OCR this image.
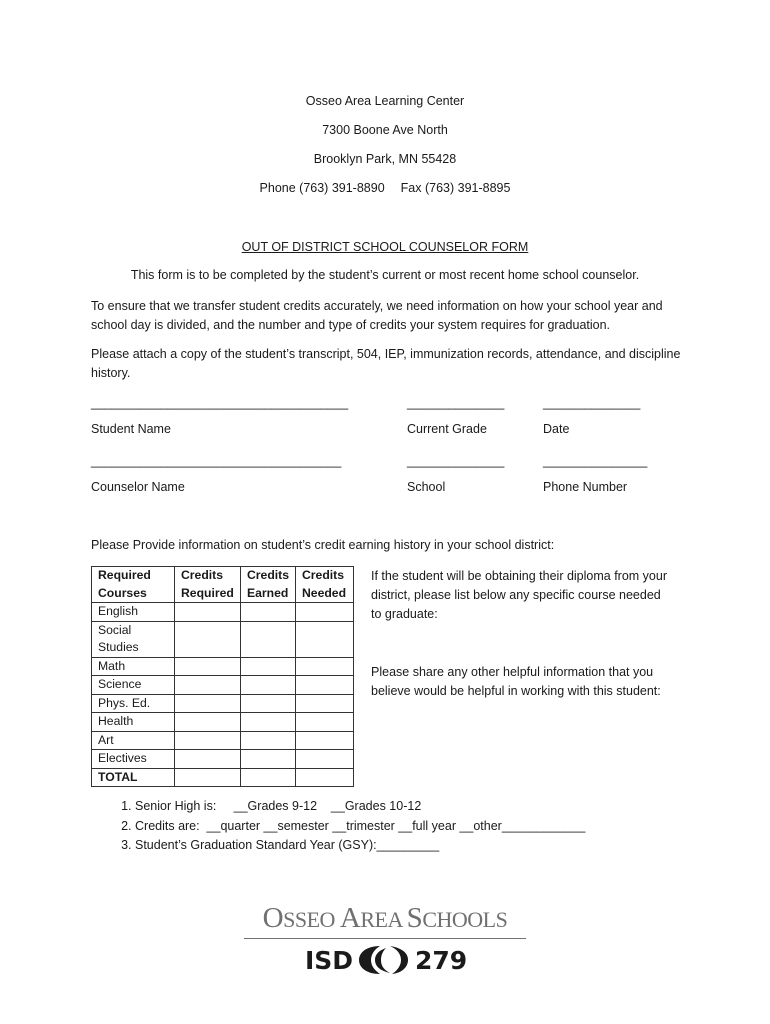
Osseo Area Learning Center
7300 Boone Ave North
Brooklyn Park, MN 55428
Phone (763) 391-8890 Fax (763) 391-8895
OUT OF DISTRICT SCHOOL COUNSELOR FORM
This form is to be completed by the student’s current or most recent home school counselor.
To ensure that we transfer student credits accurately, we need information on how your school year and school day is divided, and the number and type of credits your system requires for graduation.
Please attach a copy of the student’s transcript, 504, IEP, immunization records, attendance, and discipline history.
_____________________________________	______________	______________
Student Name	Current Grade	Date
____________________________________	______________	_______________
Counselor Name	School	Phone Number
Please Provide information on student’s credit earning history in your school district:
Required Courses	Credits Required	Credits Earned	Credits Needed
English			
Social Studies			
Math			
Science			
Phys. Ed.			
Health			
Art			
Electives			
TOTAL			
If the student will be obtaining their diploma from your district, please list below any specific course needed to graduate:
Please share any other helpful information that you believe would be helpful in working with this student:
1. Senior High is:     __Grades 9-12    __Grades 10-12
2. Credits are:  __quarter __semester __trimester __full year __other____________
3. Student’s Graduation Standard Year (GSY):_________
OSSEO AREA SCHOOLS
ISD 279
